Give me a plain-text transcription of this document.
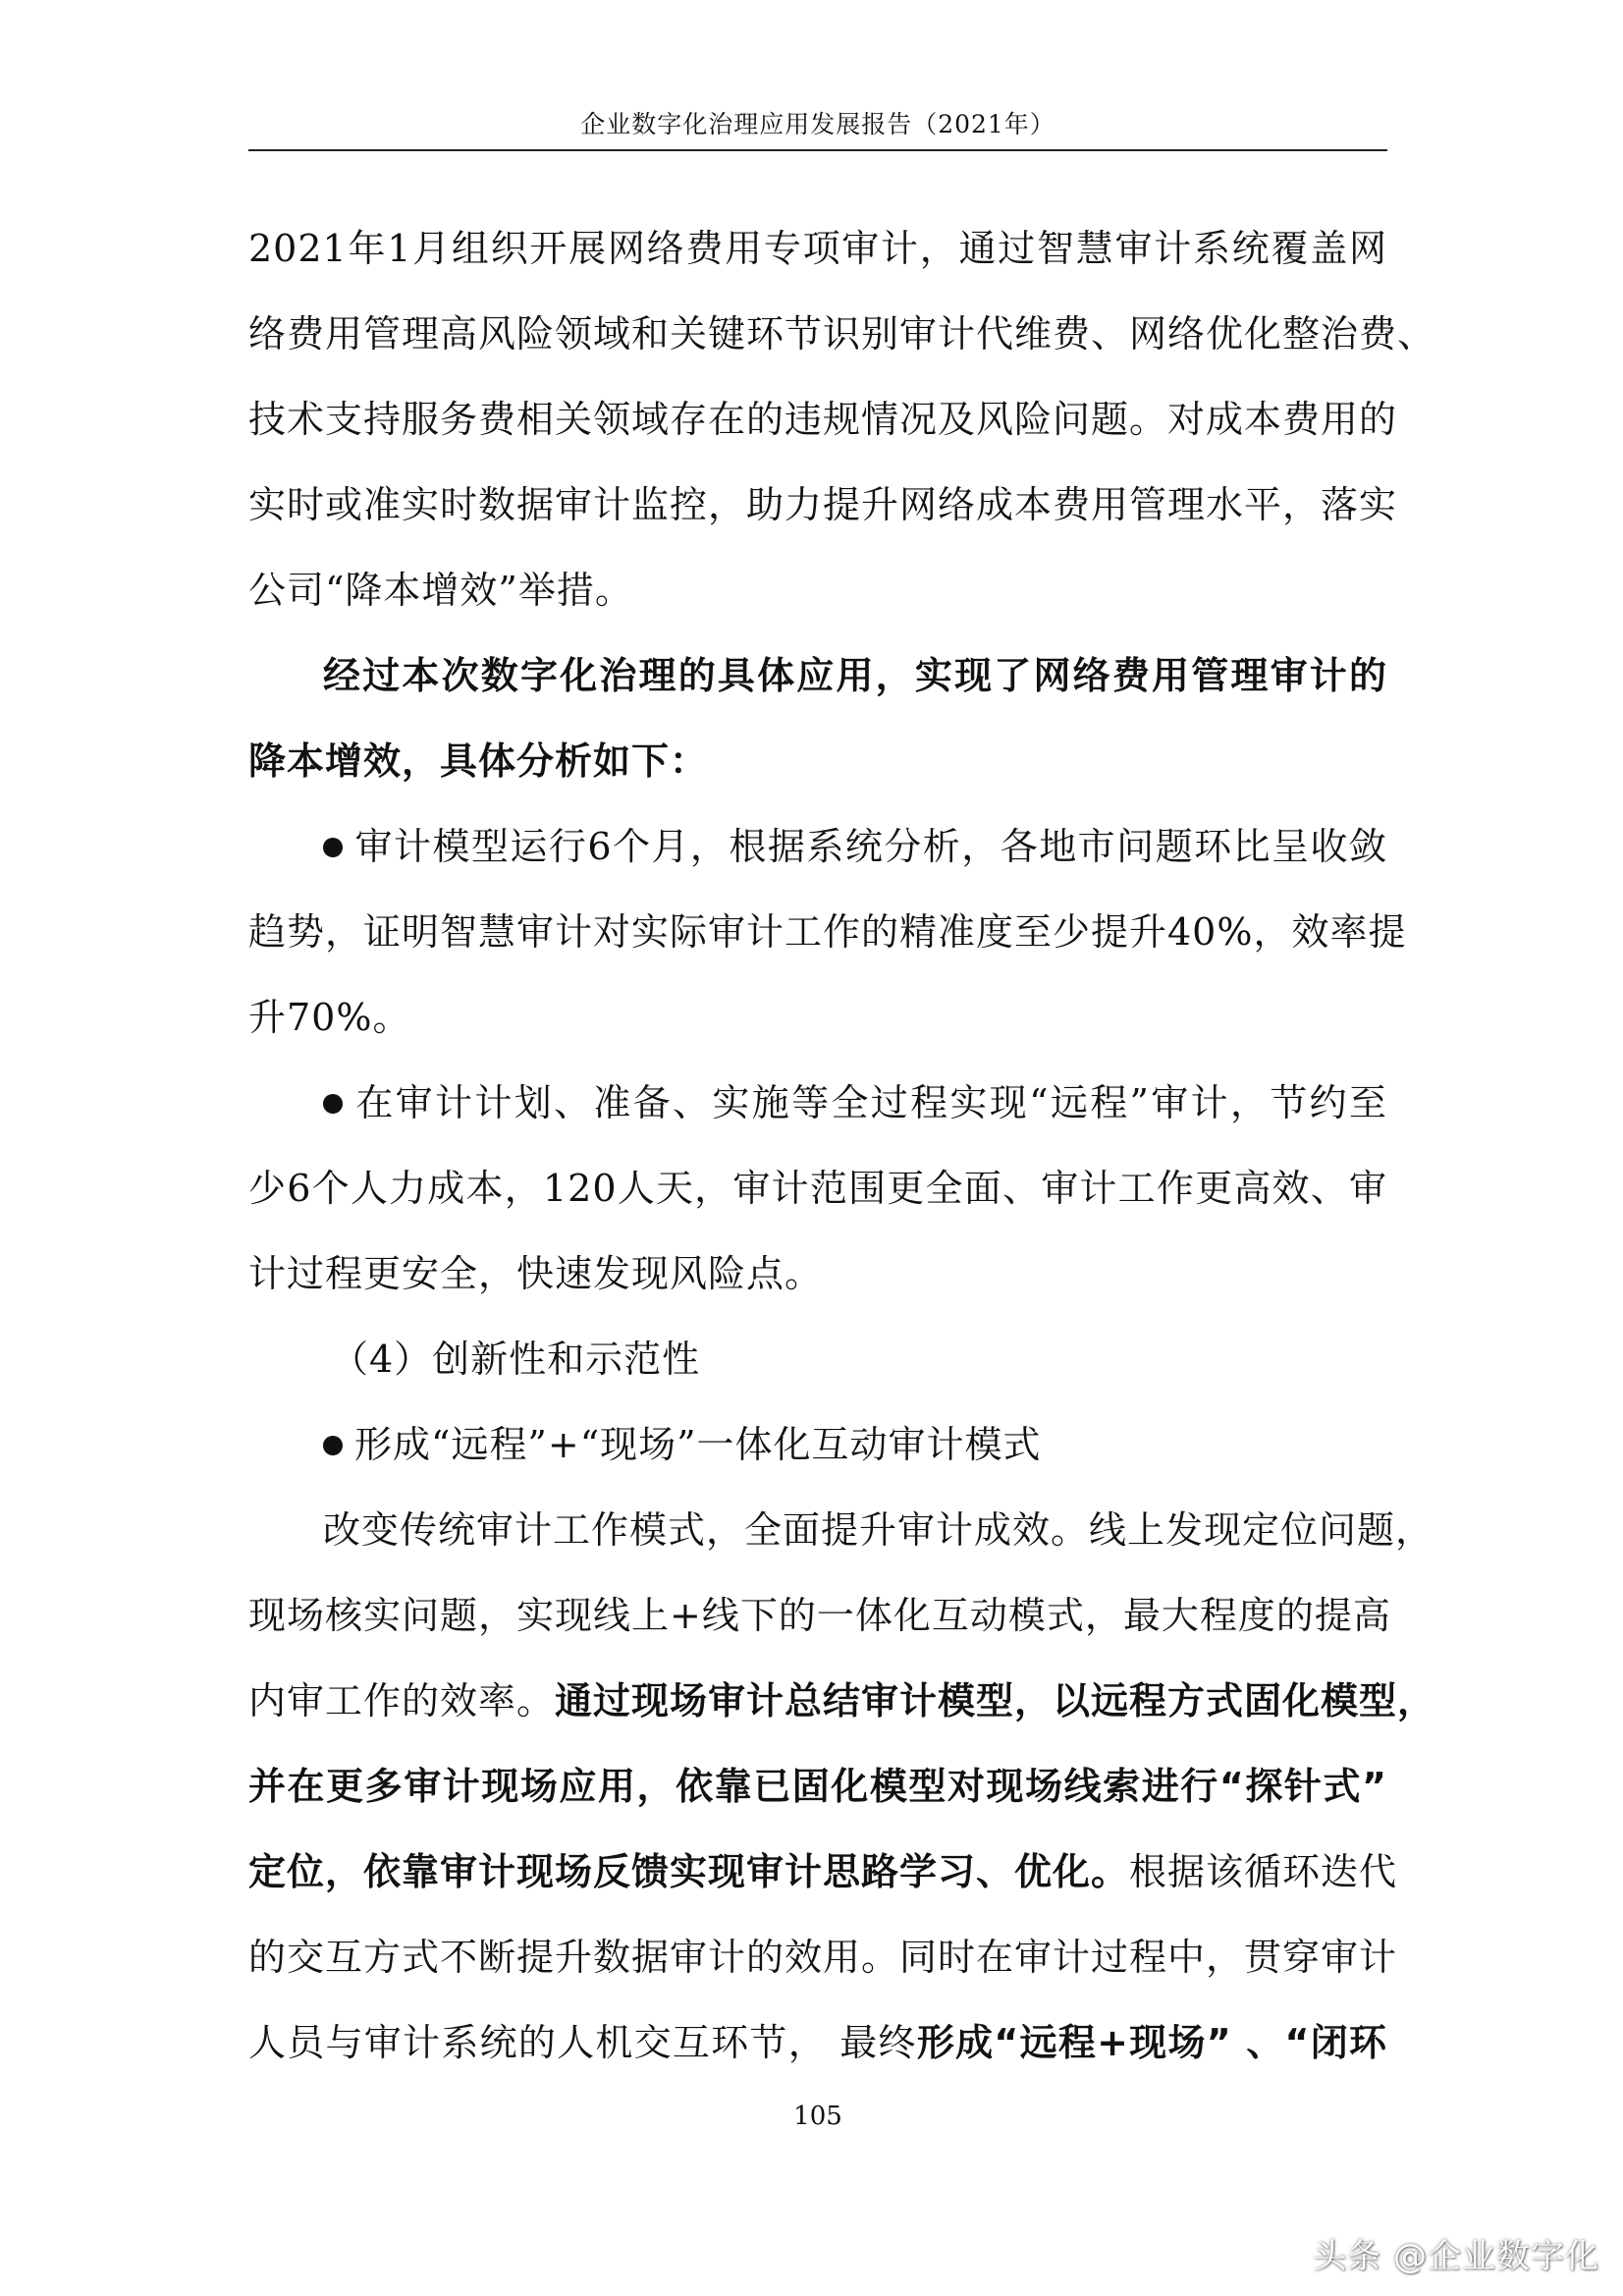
企业数字化治理应用发展报告（2021年）
2021年1月组织开展网络费用专项审计，通过智慧审计系统覆盖网
络费用管理高风险领域和关键环节识别审计代维费、网络优化整治费、
技术支持服务费相关领域存在的违规情况及风险问题。对成本费用的
实时或准实时数据审计监控，助力提升网络成本费用管理水平，落实
公司“降本增效”举措。
经过本次数字化治理的具体应用，实现了网络费用管理审计的
降本增效，具体分析如下：
审计模型运行6个月，根据系统分析，各地市问题环比呈收敛
趋势，证明智慧审计对实际审计工作的精准度至少提升40%，效率提
升70%。
在审计计划、准备、实施等全过程实现“远程”审计，节约至
少6个人力成本，120人天，审计范围更全面、审计工作更高效、审
计过程更安全，快速发现风险点。
（4）创新性和示范性
形成“远程”+“现场”一体化互动审计模式
改变传统审计工作模式，全面提升审计成效。线上发现定位问题，
现场核实问题，实现线上+线下的一体化互动模式，最大程度的提高
内审工作的效率。通过现场审计总结审计模型，以远程方式固化模型，
并在更多审计现场应用，依靠已固化模型对现场线索进行“探针式”
定位，依靠审计现场反馈实现审计思路学习、优化。根据该循环迭代
的交互方式不断提升数据审计的效用。同时在审计过程中，贯穿审计
人员与审计系统的人机交互环节， 最终形成“远程+现场” 、“闭环
105
头条 @企业数字化
